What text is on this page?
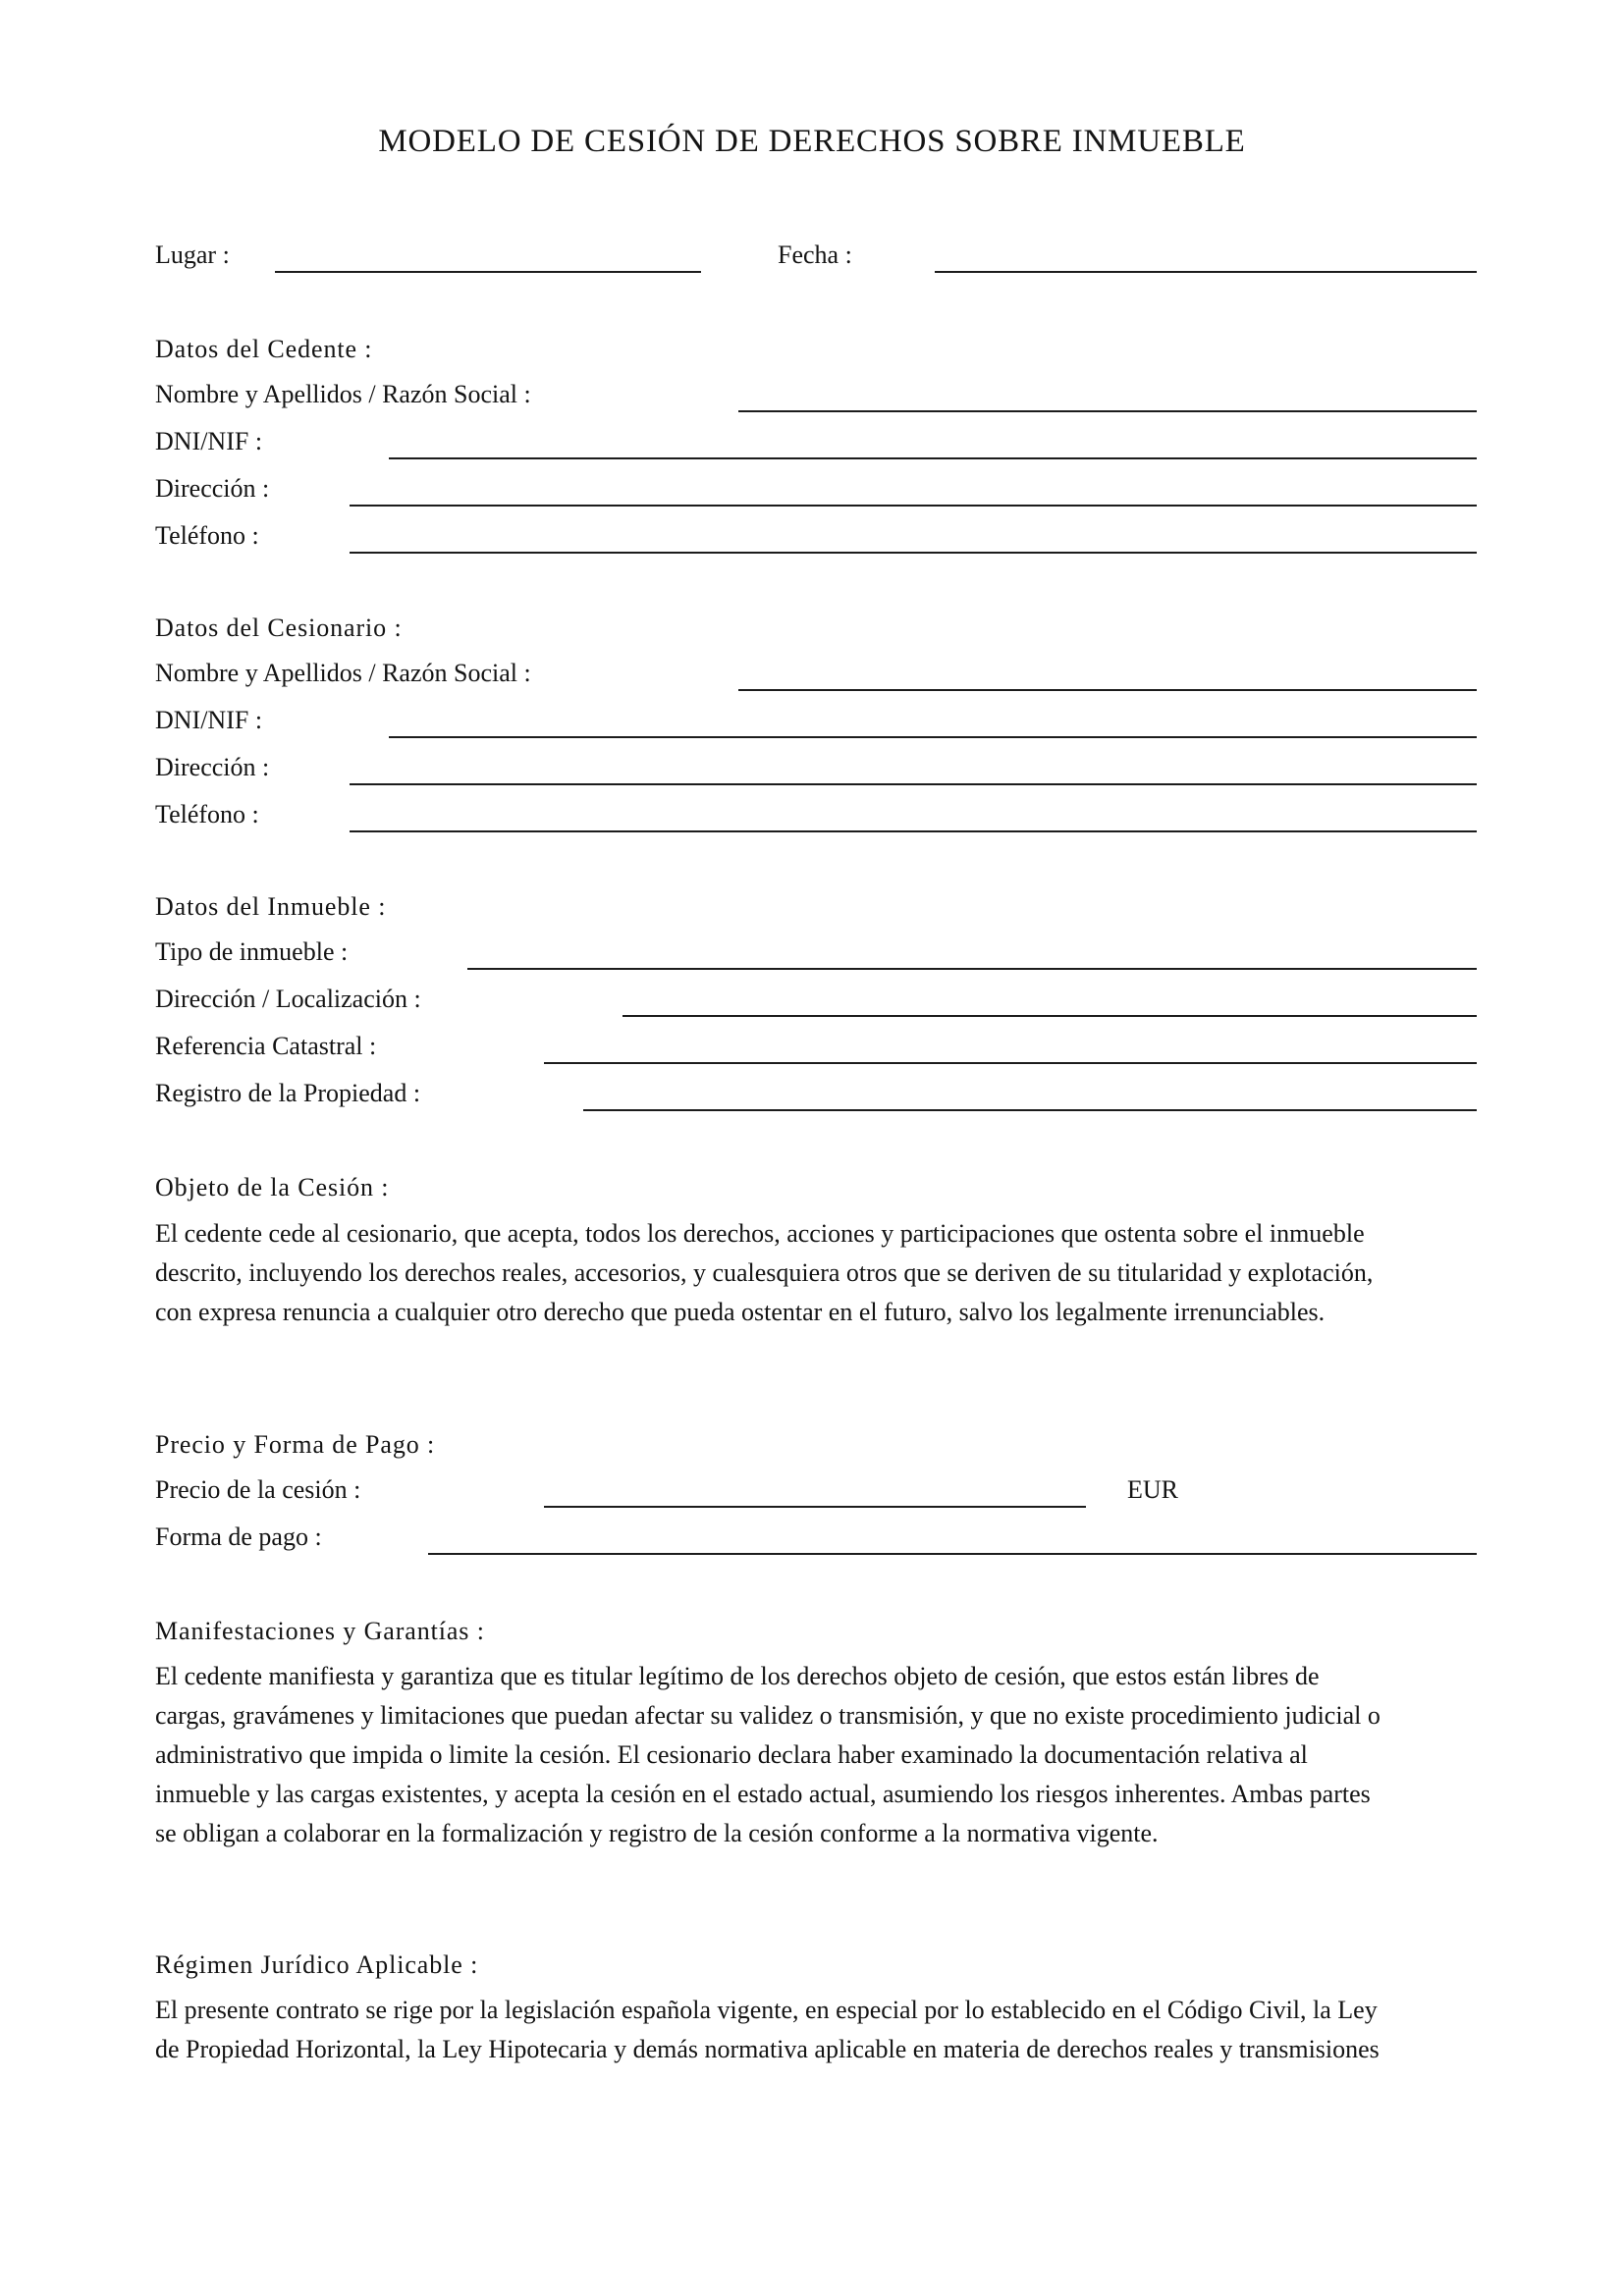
MODELO DE CESIÓN DE DERECHOS SOBRE INMUEBLE
Lugar :	Fecha :
Datos del Cedente :
Nombre y Apellidos / Razón Social :
DNI/NIF :
Dirección :
Teléfono :
Datos del Cesionario :
Nombre y Apellidos / Razón Social :
DNI/NIF :
Dirección :
Teléfono :
Datos del Inmueble :
Tipo de inmueble :
Dirección / Localización :
Referencia Catastral :
Registro de la Propiedad :
Objeto de la Cesión :
El cedente cede al cesionario, que acepta, todos los derechos, acciones y participaciones que ostenta sobre el inmueble
descrito, incluyendo los derechos reales, accesorios, y cualesquiera otros que se deriven de su titularidad y explotación,
con expresa renuncia a cualquier otro derecho que pueda ostentar en el futuro, salvo los legalmente irrenunciables.
Precio y Forma de Pago :
Precio de la cesión :	EUR
Forma de pago :
Manifestaciones y Garantías :
El cedente manifiesta y garantiza que es titular legítimo de los derechos objeto de cesión, que estos están libres de
cargas, gravámenes y limitaciones que puedan afectar su validez o transmisión, y que no existe procedimiento judicial o
administrativo que impida o limite la cesión. El cesionario declara haber examinado la documentación relativa al
inmueble y las cargas existentes, y acepta la cesión en el estado actual, asumiendo los riesgos inherentes. Ambas partes
se obligan a colaborar en la formalización y registro de la cesión conforme a la normativa vigente.
Régimen Jurídico Aplicable :
El presente contrato se rige por la legislación española vigente, en especial por lo establecido en el Código Civil, la Ley
de Propiedad Horizontal, la Ley Hipotecaria y demás normativa aplicable en materia de derechos reales y transmisiones
